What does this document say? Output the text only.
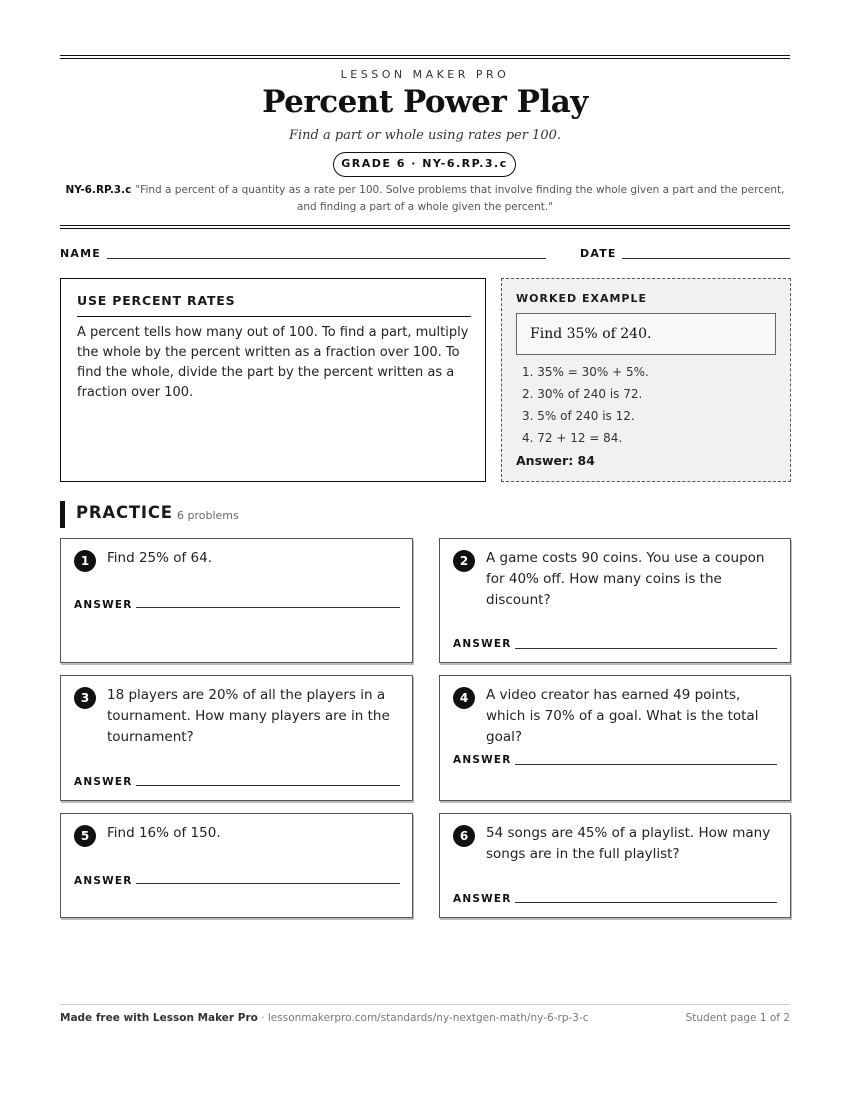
LESSON MAKER PRO
Percent Power Play
Find a part or whole using rates per 100.
GRADE 6 · NY-6.RP.3.c
NY-6.RP.3.c "Find a percent of a quantity as a rate per 100. Solve problems that involve finding the whole given a part and the percent, and finding a part of a whole given the percent."
NAME	DATE
USE PERCENT RATES
A percent tells how many out of 100. To find a part, multiply the whole by the percent written as a fraction over 100. To find the whole, divide the part by the percent written as a fraction over 100.
WORKED EXAMPLE
Find 35% of 240.
1. 35% = 30% + 5%.
2. 30% of 240 is 72.
3. 5% of 240 is 12.
4. 72 + 12 = 84.
Answer: 84
PRACTICE 6 problems
1	Find 25% of 64.
ANSWER
2	A game costs 90 coins. You use a coupon for 40% off. How many coins is the discount?
ANSWER
3	18 players are 20% of all the players in a tournament. How many players are in the tournament?
ANSWER
4	A video creator has earned 49 points, which is 70% of a goal. What is the total goal?
ANSWER
5	Find 16% of 150.
ANSWER
6	54 songs are 45% of a playlist. How many songs are in the full playlist?
ANSWER
Made free with Lesson Maker Pro · lessonmakerpro.com/standards/ny-nextgen-math/ny-6-rp-3-c	Student page 1 of 2
